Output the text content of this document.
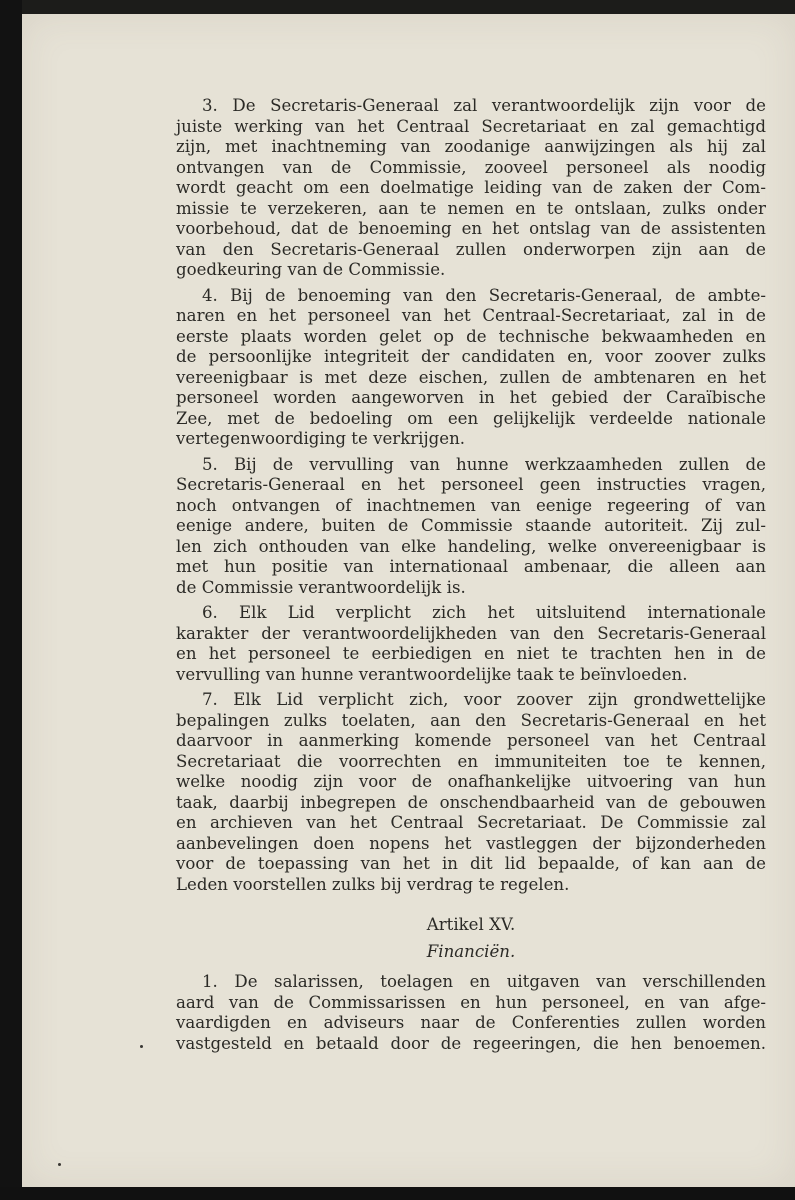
3. De Secretaris-Generaal zal verantwoordelijk zijn voor de
juiste werking van het Centraal Secretariaat en zal gemachtigd
zijn, met inachtneming van zoodanige aanwijzingen als hij zal
ontvangen van de Commissie, zooveel personeel als noodig
wordt geacht om een doelmatige leiding van de zaken der Com-
missie te verzekeren, aan te nemen en te ontslaan, zulks onder
voorbehoud, dat de benoeming en het ontslag van de assistenten
van den Secretaris-Generaal zullen onderworpen zijn aan de
goedkeuring van de Commissie.
4. Bij de benoeming van den Secretaris-Generaal, de ambte-
naren en het personeel van het Centraal-Secretariaat, zal in de
eerste plaats worden gelet op de technische bekwaamheden en
de persoonlijke integriteit der candidaten en, voor zoover zulks
vereenigbaar is met deze eischen, zullen de ambtenaren en het
personeel worden aangeworven in het gebied der Caraïbische
Zee, met de bedoeling om een gelijkelijk verdeelde nationale
vertegenwoordiging te verkrijgen.
5. Bij de vervulling van hunne werkzaamheden zullen de
Secretaris-Generaal en het personeel geen instructies vragen,
noch ontvangen of inachtnemen van eenige regeering of van
eenige andere, buiten de Commissie staande autoriteit. Zij zul-
len zich onthouden van elke handeling, welke onvereenigbaar is
met hun positie van internationaal ambenaar, die alleen aan
de Commissie verantwoordelijk is.
6. Elk Lid verplicht zich het uitsluitend internationale
karakter der verantwoordelijkheden van den Secretaris-Generaal
en het personeel te eerbiedigen en niet te trachten hen in de
vervulling van hunne verantwoordelijke taak te beïnvloeden.
7. Elk Lid verplicht zich, voor zoover zijn grondwettelijke
bepalingen zulks toelaten, aan den Secretaris-Generaal en het
daarvoor in aanmerking komende personeel van het Centraal
Secretariaat die voorrechten en immuniteiten toe te kennen,
welke noodig zijn voor de onafhankelijke uitvoering van hun
taak, daarbij inbegrepen de onschendbaarheid van de gebouwen
en archieven van het Centraal Secretariaat. De Commissie zal
aanbevelingen doen nopens het vastleggen der bijzonderheden
voor de toepassing van het in dit lid bepaalde, of kan aan de
Leden voorstellen zulks bij verdrag te regelen.
Artikel XV.
Financiën.
1. De salarissen, toelagen en uitgaven van verschillenden
aard van de Commissarissen en hun personeel, en van afge-
vaardigden en adviseurs naar de Conferenties zullen worden
vastgesteld en betaald door de regeeringen, die hen benoemen.
